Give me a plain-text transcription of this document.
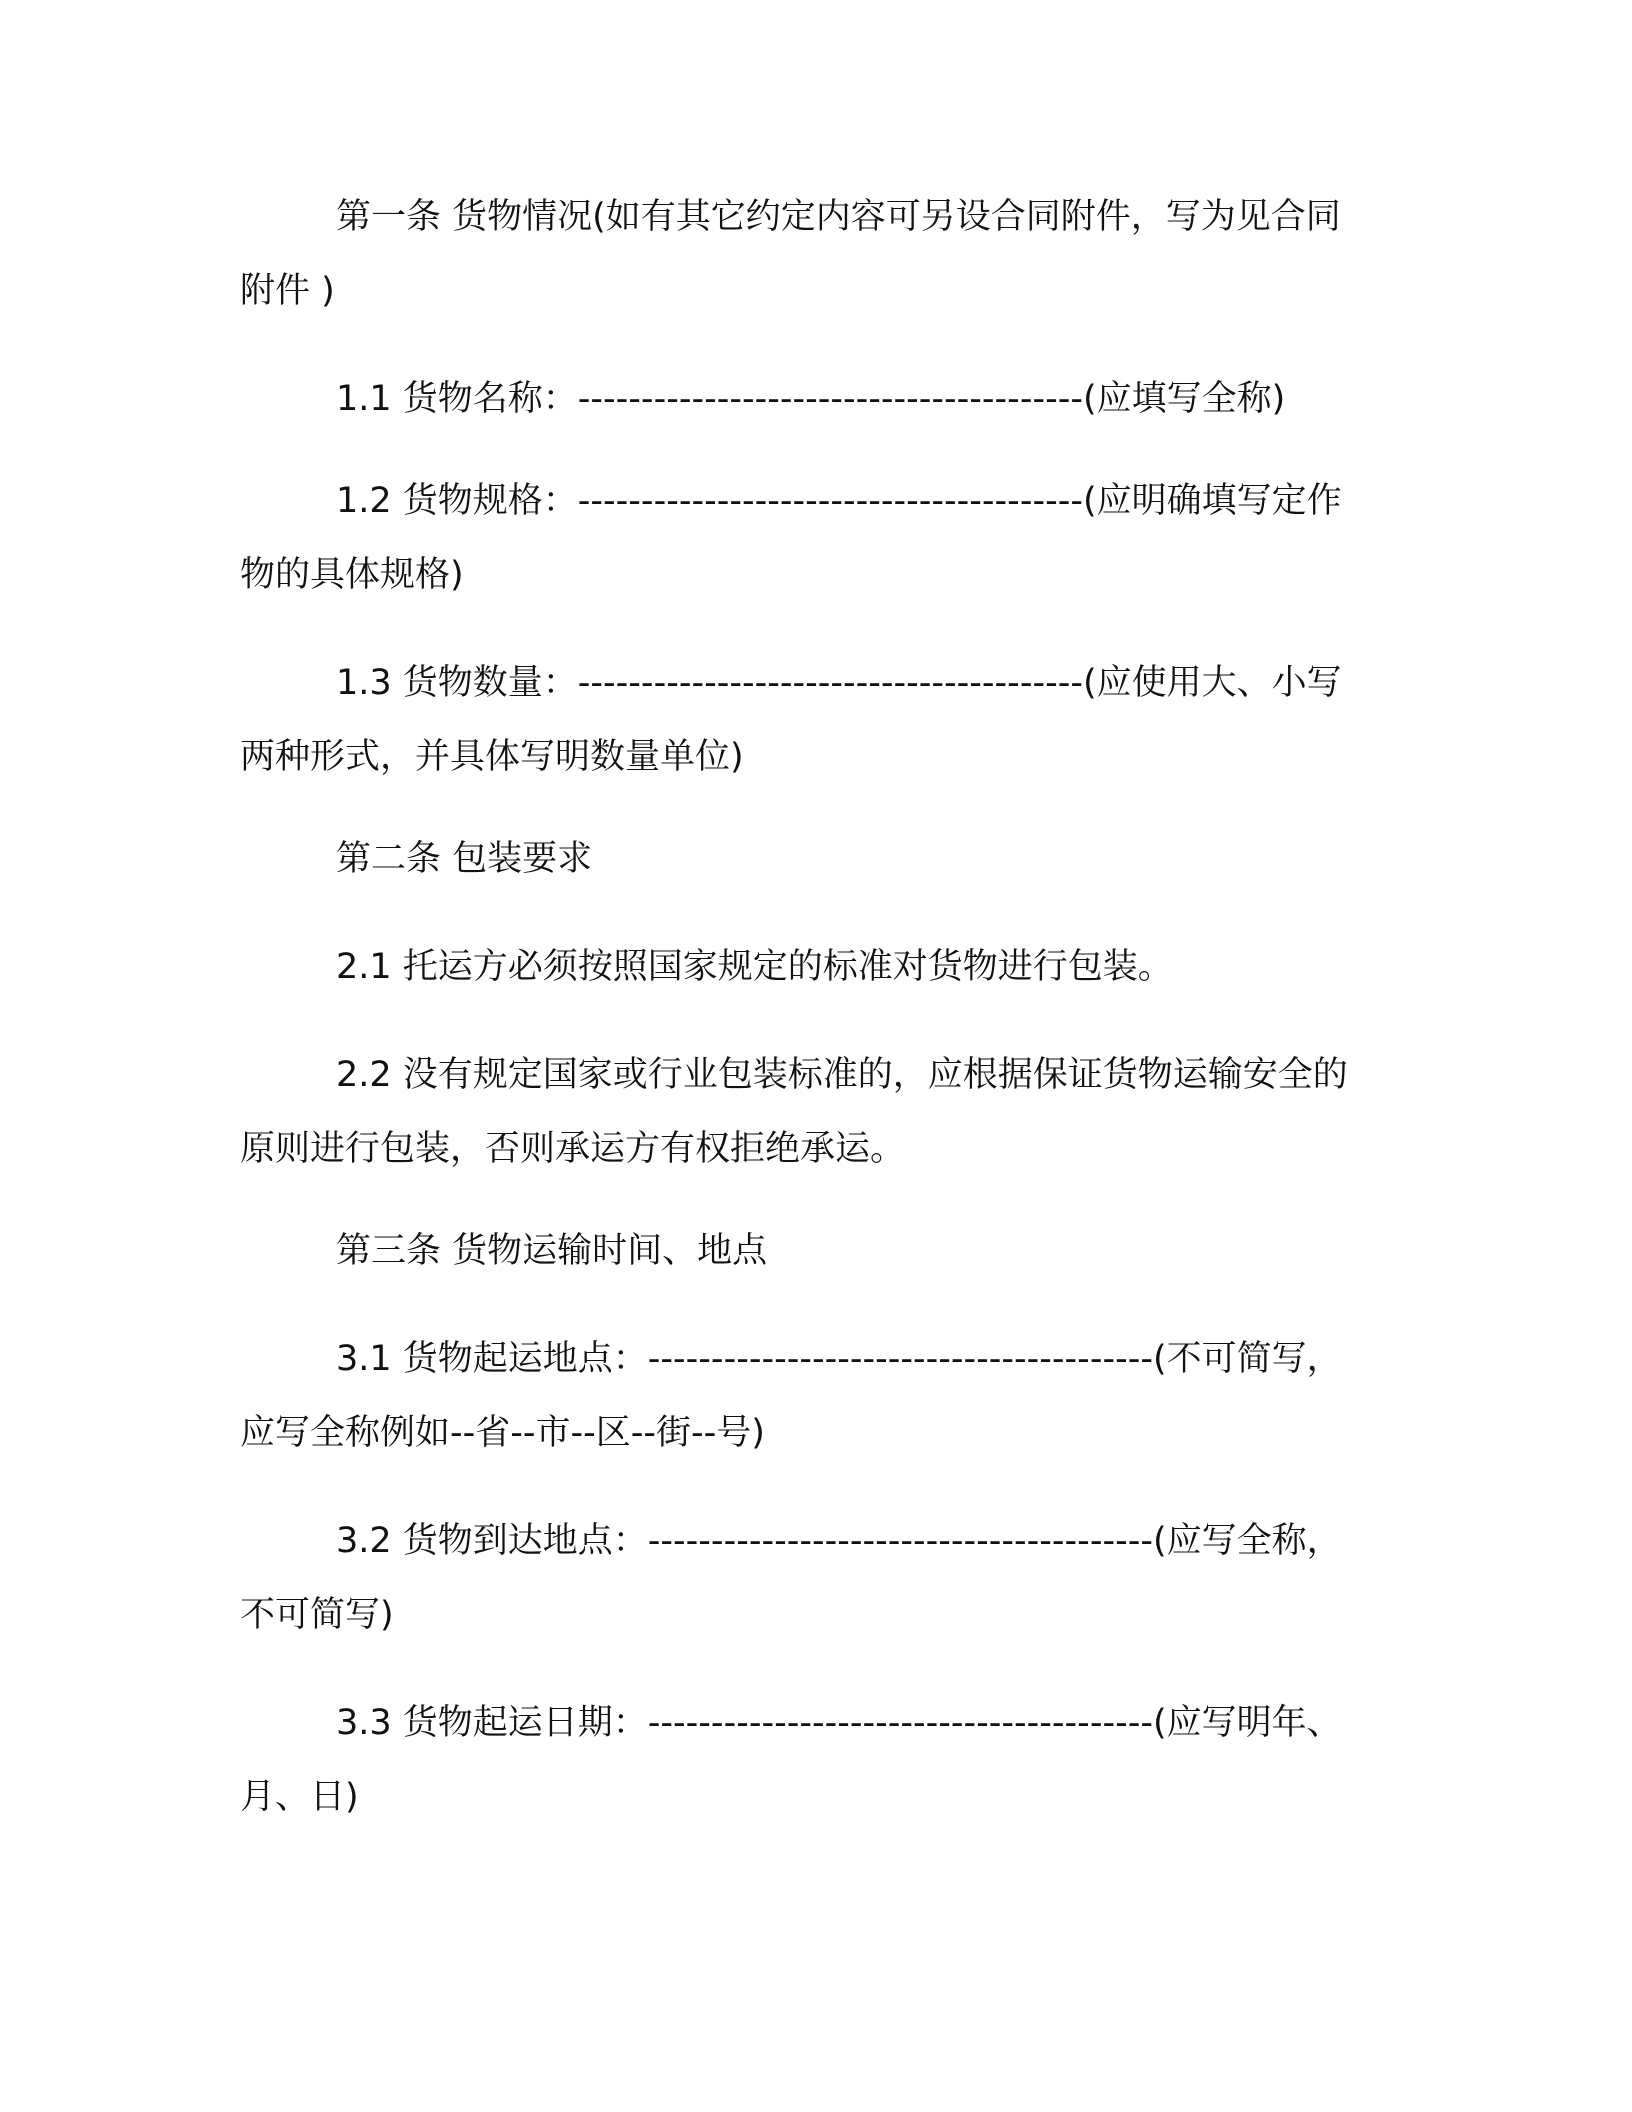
第一条 货物情况(如有其它约定内容可另设合同附件，写为见合同附件 )

1.1 货物名称：----------------------------------------(应填写全称)

1.2 货物规格：----------------------------------------(应明确填写定作物的具体规格)

1.3 货物数量：----------------------------------------(应使用大、小写两种形式，并具体写明数量单位)

第二条 包装要求

2.1 托运方必须按照国家规定的标准对货物进行包装。

2.2 没有规定国家或行业包装标准的，应根据保证货物运输安全的原则进行包装，否则承运方有权拒绝承运。

第三条 货物运输时间、地点

3.1 货物起运地点：----------------------------------------(不可简写，应写全称例如--省--市--区--街--号)

3.2 货物到达地点：----------------------------------------(应写全称，不可简写)

3.3 货物起运日期：----------------------------------------(应写明年、月、日)
